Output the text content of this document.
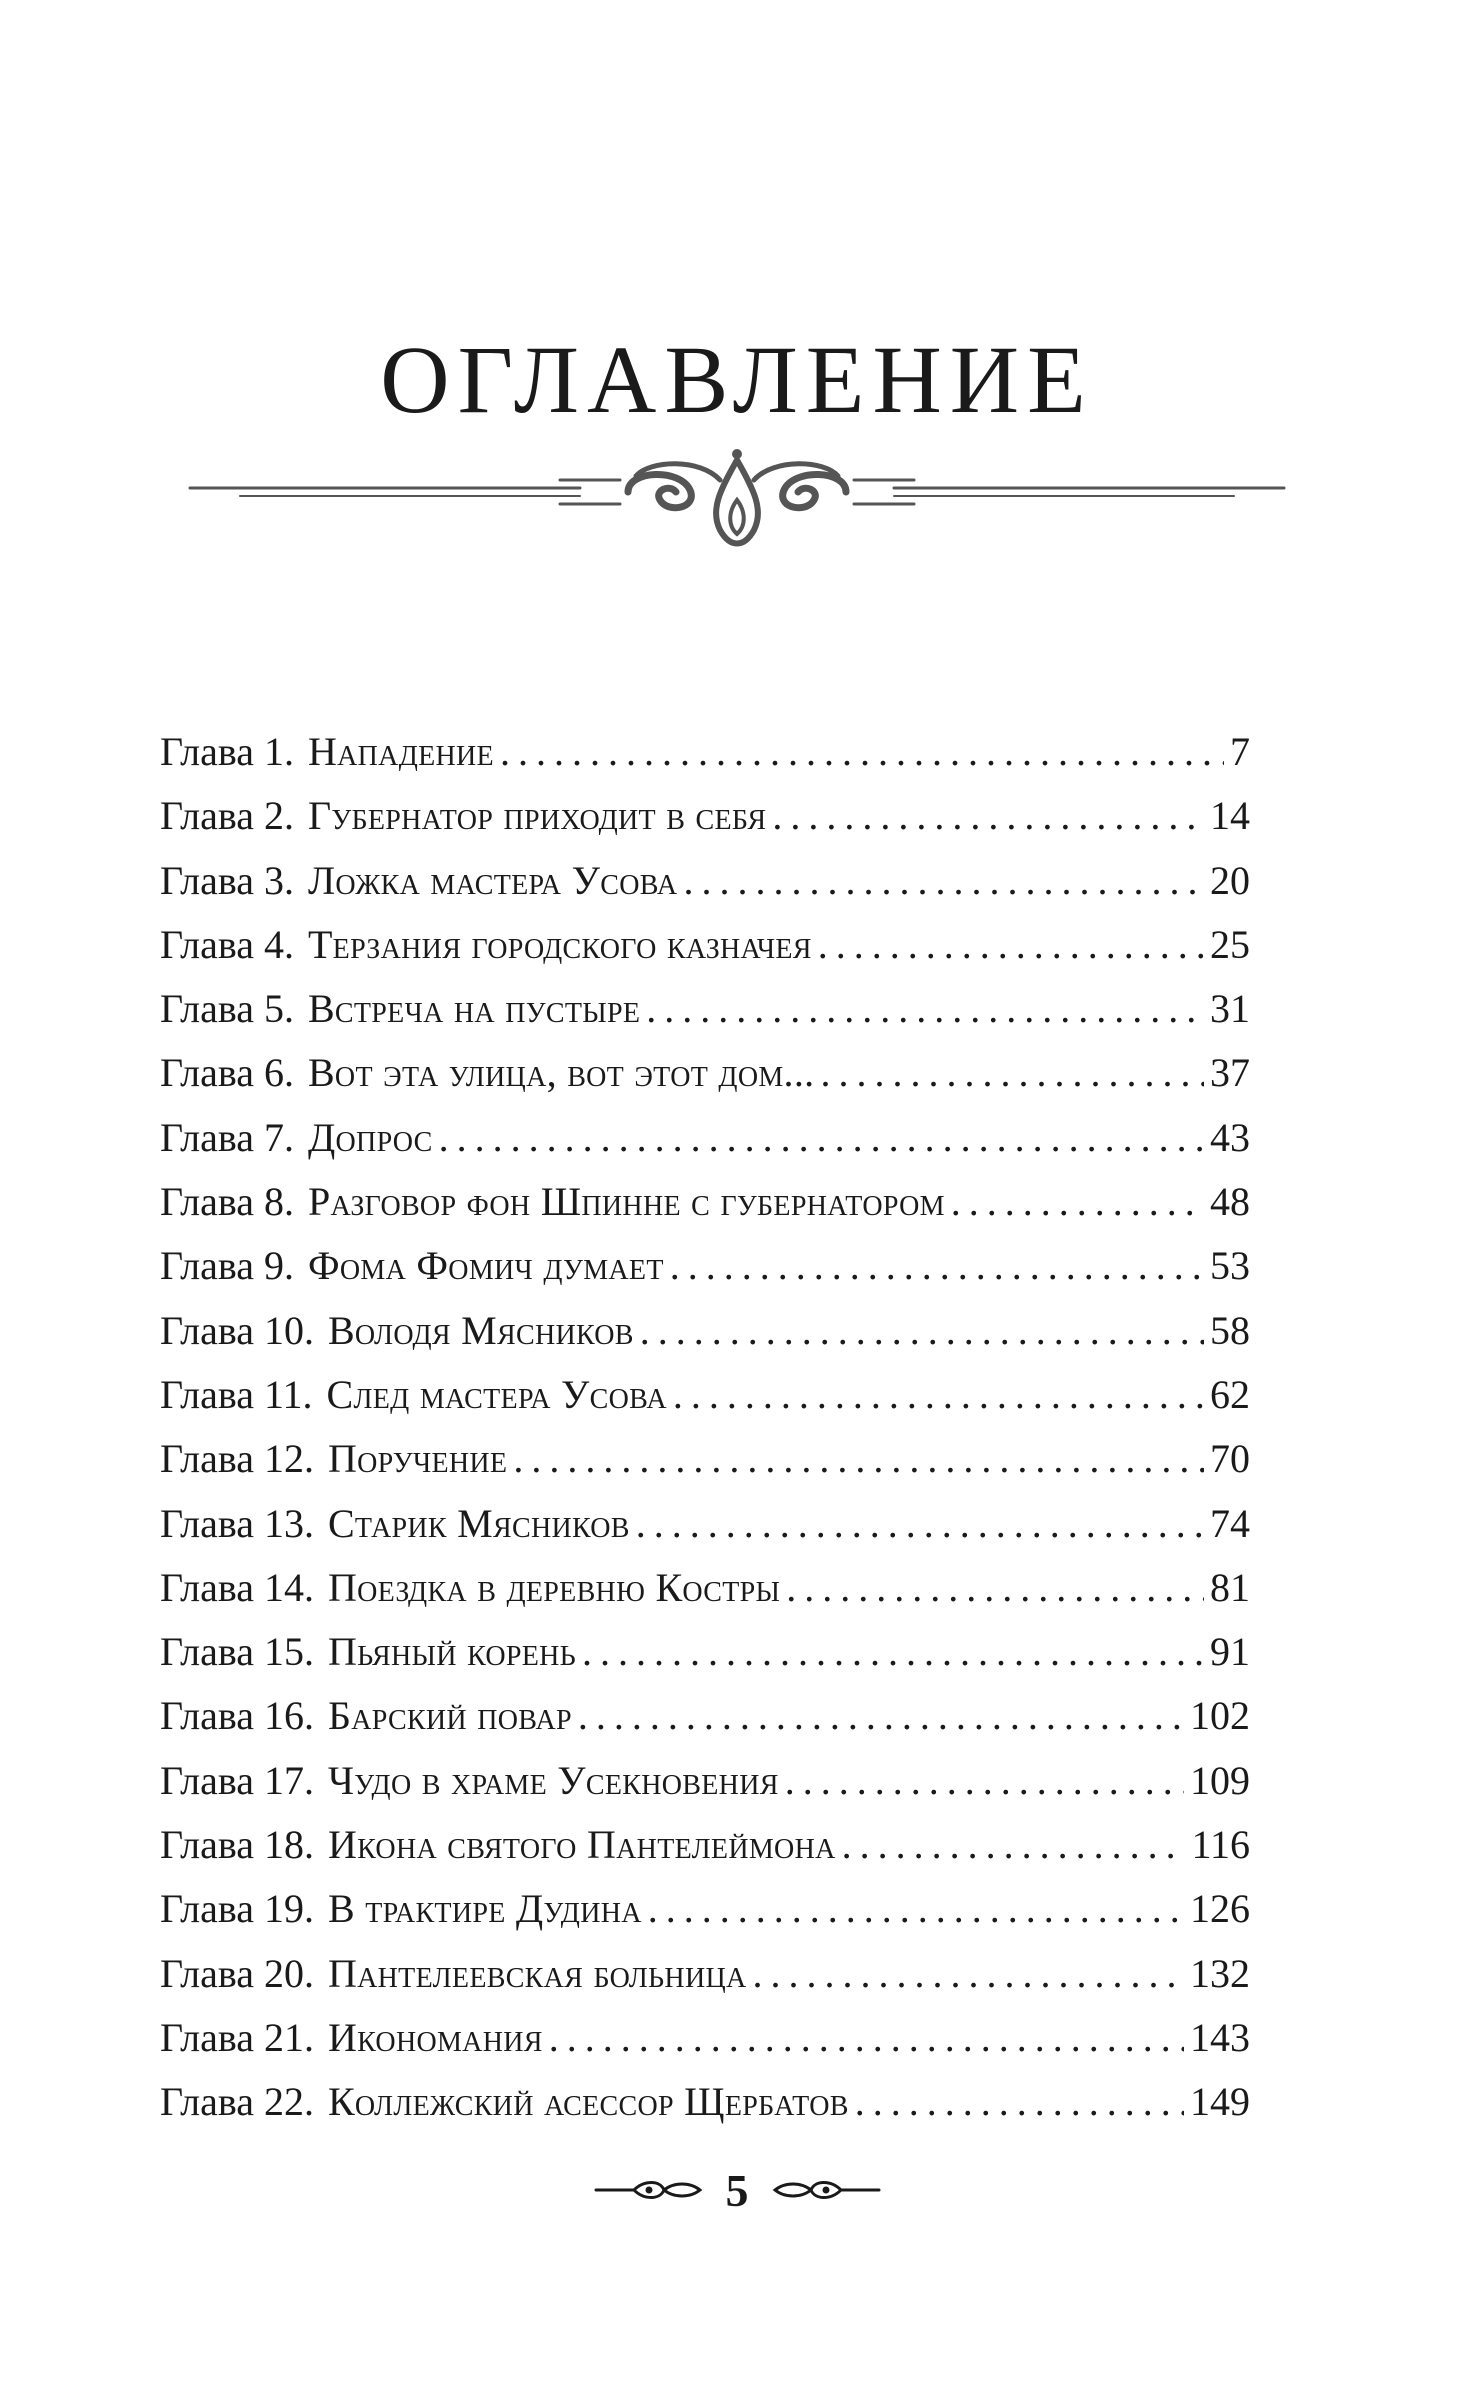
ОГЛАВЛЕНИЕ
Глава 1. Нападение . . .	7
Глава 2. Губернатор приходит в себя . . .	14
Глава 3. Ложка мастера Усова . . .	20
Глава 4. Терзания городского казначея . . .	25
Глава 5. Встреча на пустыре . . .	31
Глава 6. Вот эта улица, вот этот дом... . . .	37
Глава 7. Допрос . . .	43
Глава 8. Разговор фон Шпинне с губернатором . . .	48
Глава 9. Фома Фомич думает . . .	53
Глава 10. Володя Мясников . . .	58
Глава 11. След мастера Усова . . .	62
Глава 12. Поручение . . .	70
Глава 13. Старик Мясников . . .	74
Глава 14. Поездка в деревню Костры . . .	81
Глава 15. Пьяный корень . . .	91
Глава 16. Барский повар . . .	102
Глава 17. Чудо в храме Усекновения . . .	109
Глава 18. Икона святого Пантелеймона . . .	116
Глава 19. В трактире Дудина . . .	126
Глава 20. Пантелеевская больница . . .	132
Глава 21. Икономания . . .	143
Глава 22. Коллежский асессор Щербатов . . .	149
5
